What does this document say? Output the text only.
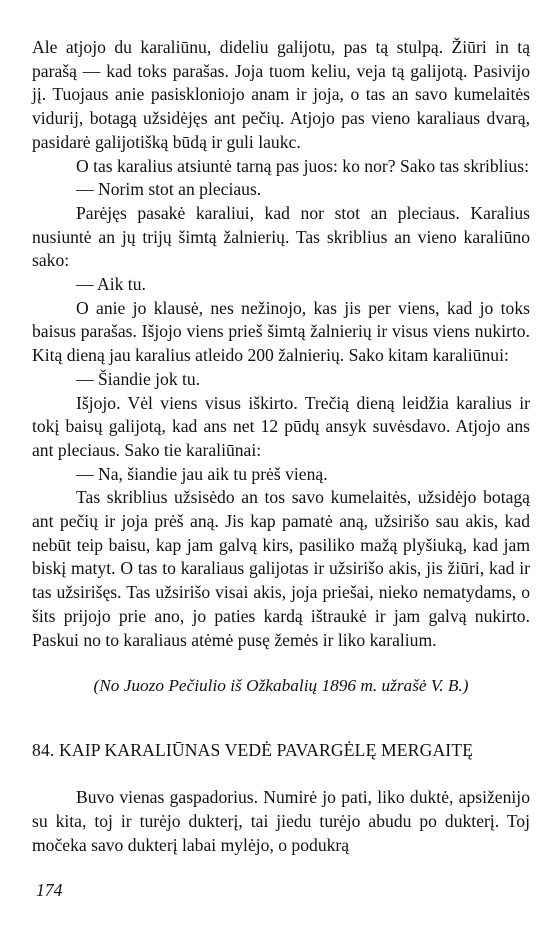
Ale atjojo du karaliūnu, dideliu galijotu, pas tą stulpą. Žiūri in tą parašą — kad toks parašas. Joja tuom keliu, veja tą galijotą. Pasivijo jį. Tuojaus anie pasiskloniojo anam ir joja, o tas an savo kumelaitės vidurij, botagą užsidėjęs ant pečių. Atjojo pas vieno karaliaus dvarą, pasidarė galijotišką būdą ir guli laukc.

O tas karalius atsiuntė tarną pas juos: ko nor? Sako tas skriblius:

— Norim stot an pleciaus.

Parėjęs pasakė karaliui, kad nor stot an pleciaus. Karalius nusiuntė an jų trijų šimtą žalnierių. Tas skriblius an vieno karaliūno sako:

— Aik tu.

O anie jo klausė, nes nežinojo, kas jis per viens, kad jo toks baisus parašas. Išjojo viens prieš šimtą žalnierių ir visus viens nukirto. Kitą dieną jau karalius atleido 200 žalnierių. Sako kitam karaliūnui:

— Šiandie jok tu.

Išjojo. Vėl viens visus iškirto. Trečią dieną leidžia karalius ir tokį baisų galijotą, kad ans net 12 pūdų ansyk suvėsdavo. Atjojo ans ant pleciaus. Sako tie karaliūnai:

— Na, šiandie jau aik tu prėš vieną.

Tas skriblius užsisėdo an tos savo kumelaitės, užsidėjo botagą ant pečių ir joja prėš aną. Jis kap pamatė aną, užsirišo sau akis, kad nebūt teip baisu, kap jam galvą kirs, pasiliko mažą plyšiuką, kad jam biskį matyt. O tas to karaliaus galijotas ir užsirišo akis, jis žiūri, kad ir tas užsirišęs. Tas užsirišo visai akis, joja priešai, nieko nematydams, o šits prijojo prie ano, jo paties kardą ištraukė ir jam galvą nukirto. Paskui no to karaliaus atėmė pusę žemės ir liko karalium.

(No Juozo Pečiulio iš Ožkabalių 1896 m. užrašė V. B.)

84. KAIP KARALIŪNAS VEDĖ PAVARGĖLĘ MERGAITĘ

Buvo vienas gaspadorius. Numirė jo pati, liko duktė, apsiženijo su kita, toj ir turėjo dukterį, tai jiedu turėjo abudu po dukterį. Toj močeka savo dukterį labai mylėjo, o podukrą

174
